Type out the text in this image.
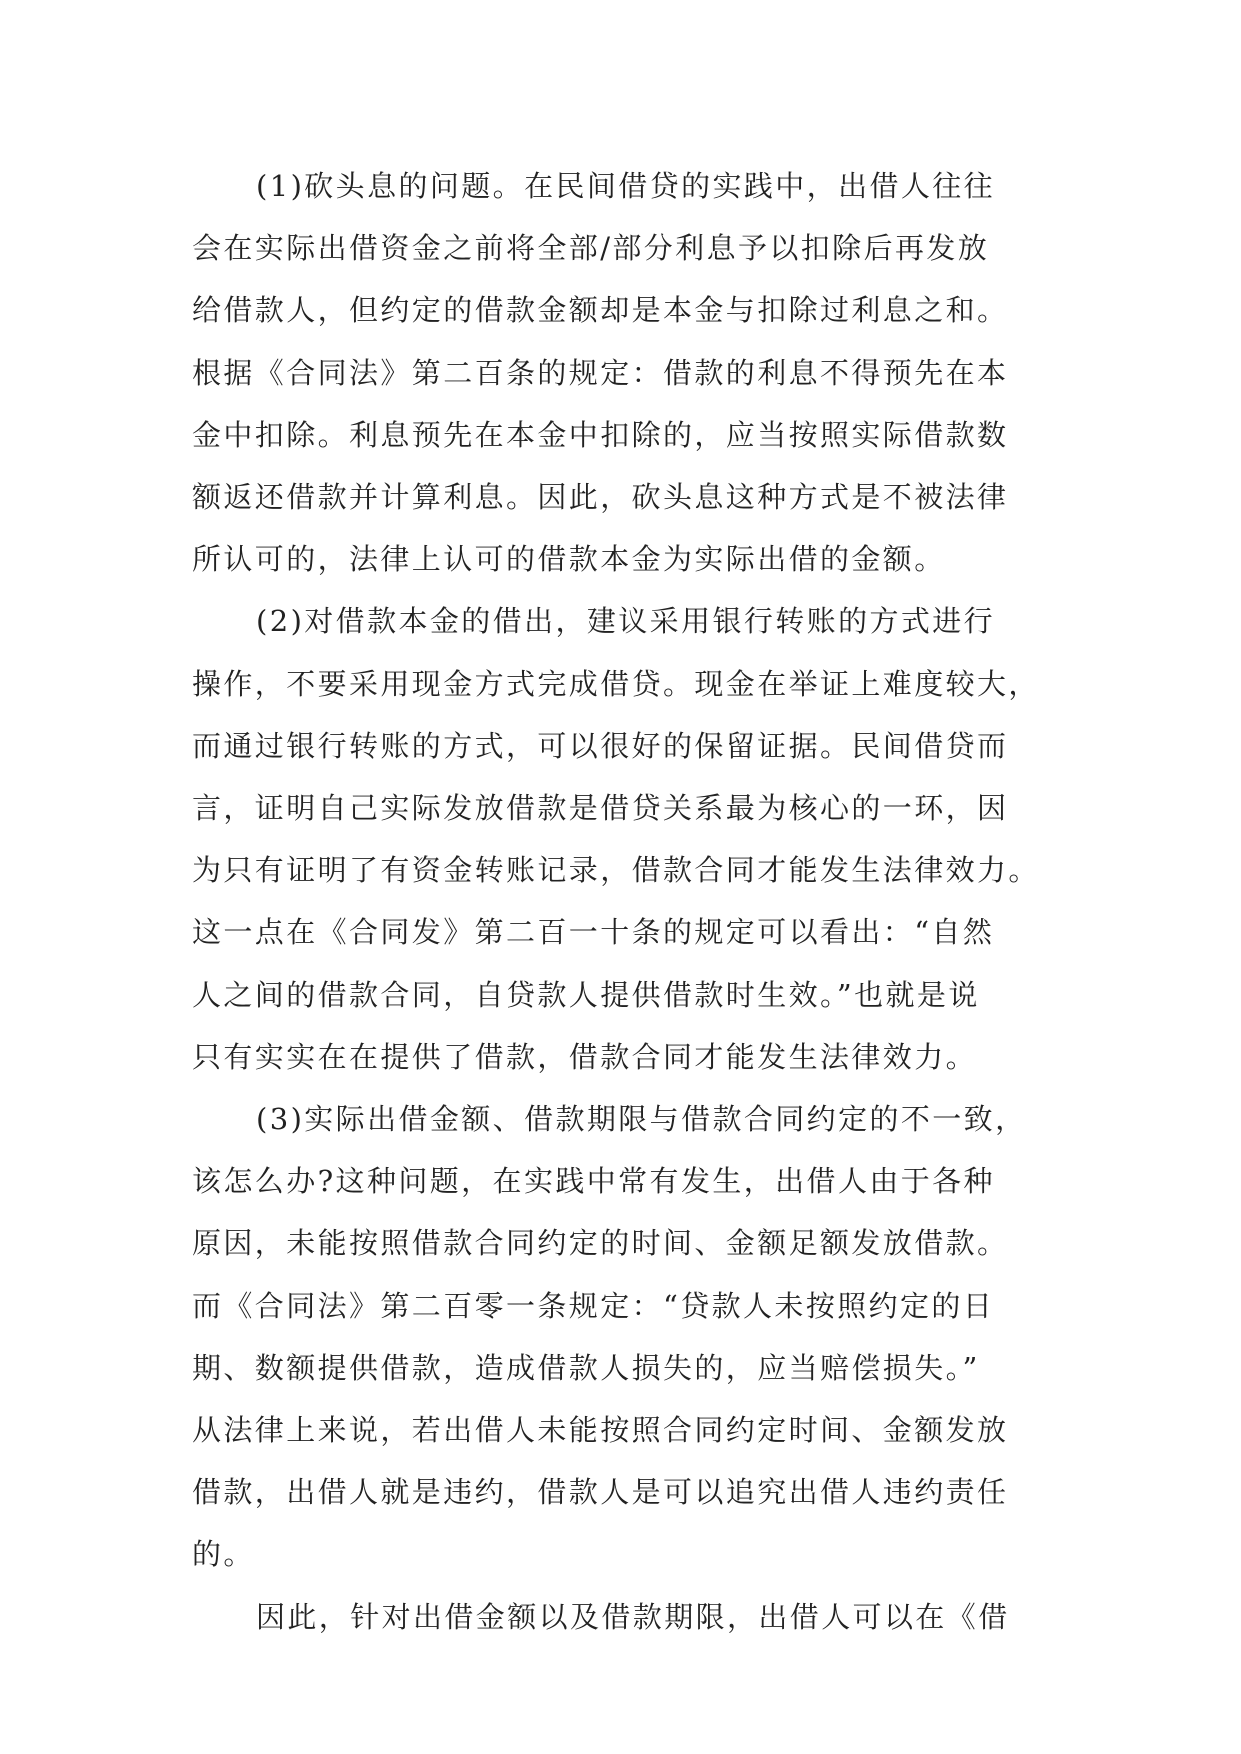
(1)砍头息的问题。在民间借贷的实践中，出借人往往
会在实际出借资金之前将全部/部分利息予以扣除后再发放
给借款人，但约定的借款金额却是本金与扣除过利息之和。
根据《合同法》第二百条的规定：借款的利息不得预先在本
金中扣除。利息预先在本金中扣除的，应当按照实际借款数
额返还借款并计算利息。因此，砍头息这种方式是不被法律
所认可的，法律上认可的借款本金为实际出借的金额。

(2)对借款本金的借出，建议采用银行转账的方式进行
操作，不要采用现金方式完成借贷。现金在举证上难度较大，
而通过银行转账的方式，可以很好的保留证据。民间借贷而
言，证明自己实际发放借款是借贷关系最为核心的一环，因
为只有证明了有资金转账记录，借款合同才能发生法律效力。
这一点在《合同发》第二百一十条的规定可以看出：“自然
人之间的借款合同，自贷款人提供借款时生效。”也就是说
只有实实在在提供了借款，借款合同才能发生法律效力。

(3)实际出借金额、借款期限与借款合同约定的不一致，
该怎么办?这种问题，在实践中常有发生，出借人由于各种
原因，未能按照借款合同约定的时间、金额足额发放借款。
而《合同法》第二百零一条规定：“贷款人未按照约定的日
期、数额提供借款，造成借款人损失的，应当赔偿损失。”
从法律上来说，若出借人未能按照合同约定时间、金额发放
借款，出借人就是违约，借款人是可以追究出借人违约责任
的。

因此，针对出借金额以及借款期限，出借人可以在《借
